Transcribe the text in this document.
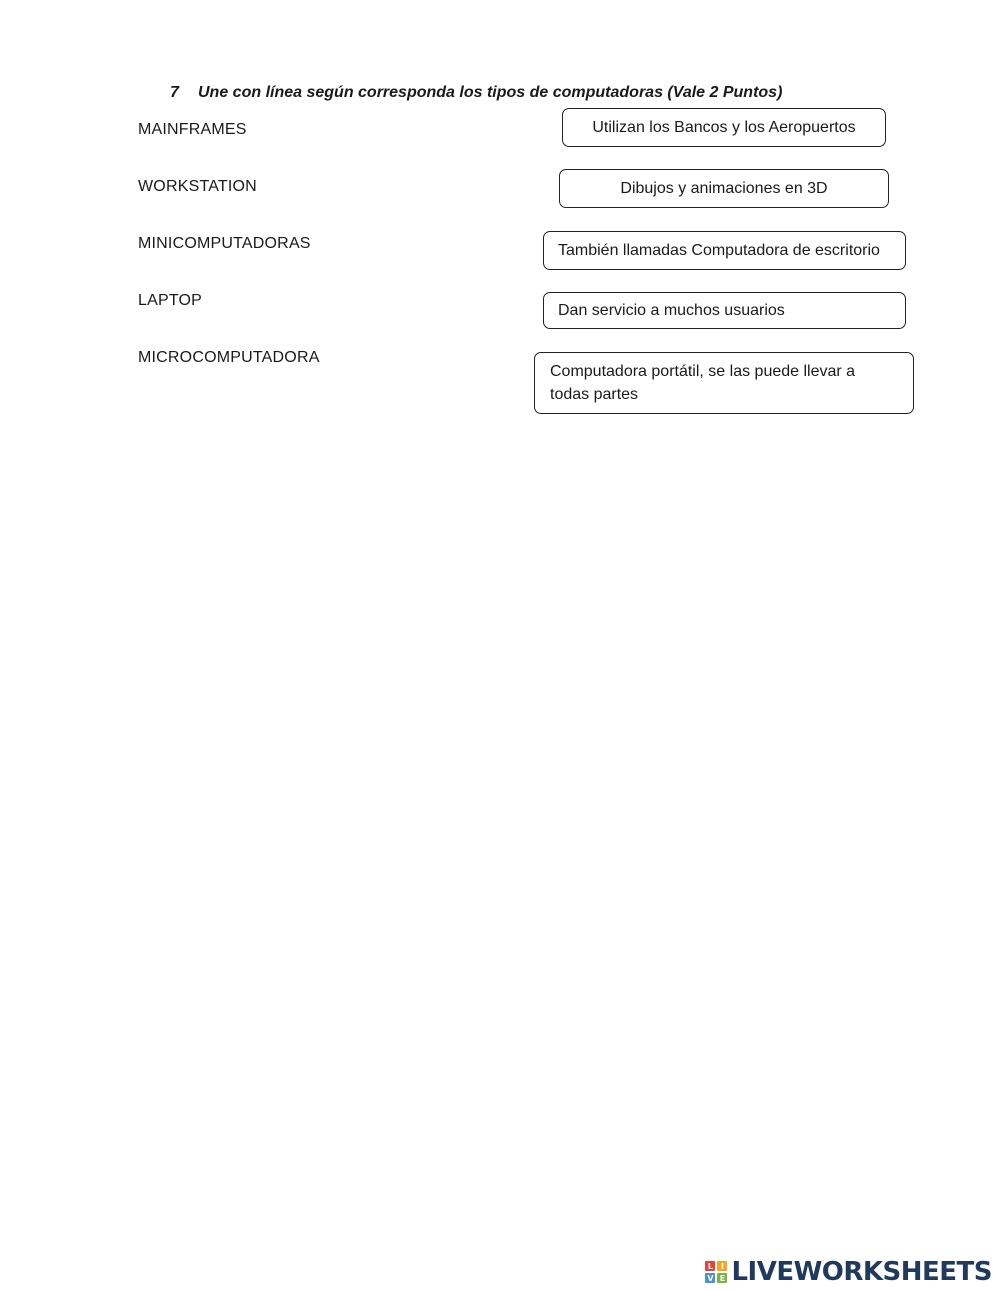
7 Une con línea según corresponda los tipos de computadoras (Vale 2 Puntos)
MAINFRAMES
WORKSTATION
MINICOMPUTADORAS
LAPTOP
MICROCOMPUTADORA
Utilizan los Bancos y los Aeropuertos
Dibujos y animaciones en 3D
También llamadas Computadora de escritorio
Dan servicio a muchos usuarios
Computadora portátil, se las puede llevar a todas partes
L I
V E LIVEWORKSHEETS
